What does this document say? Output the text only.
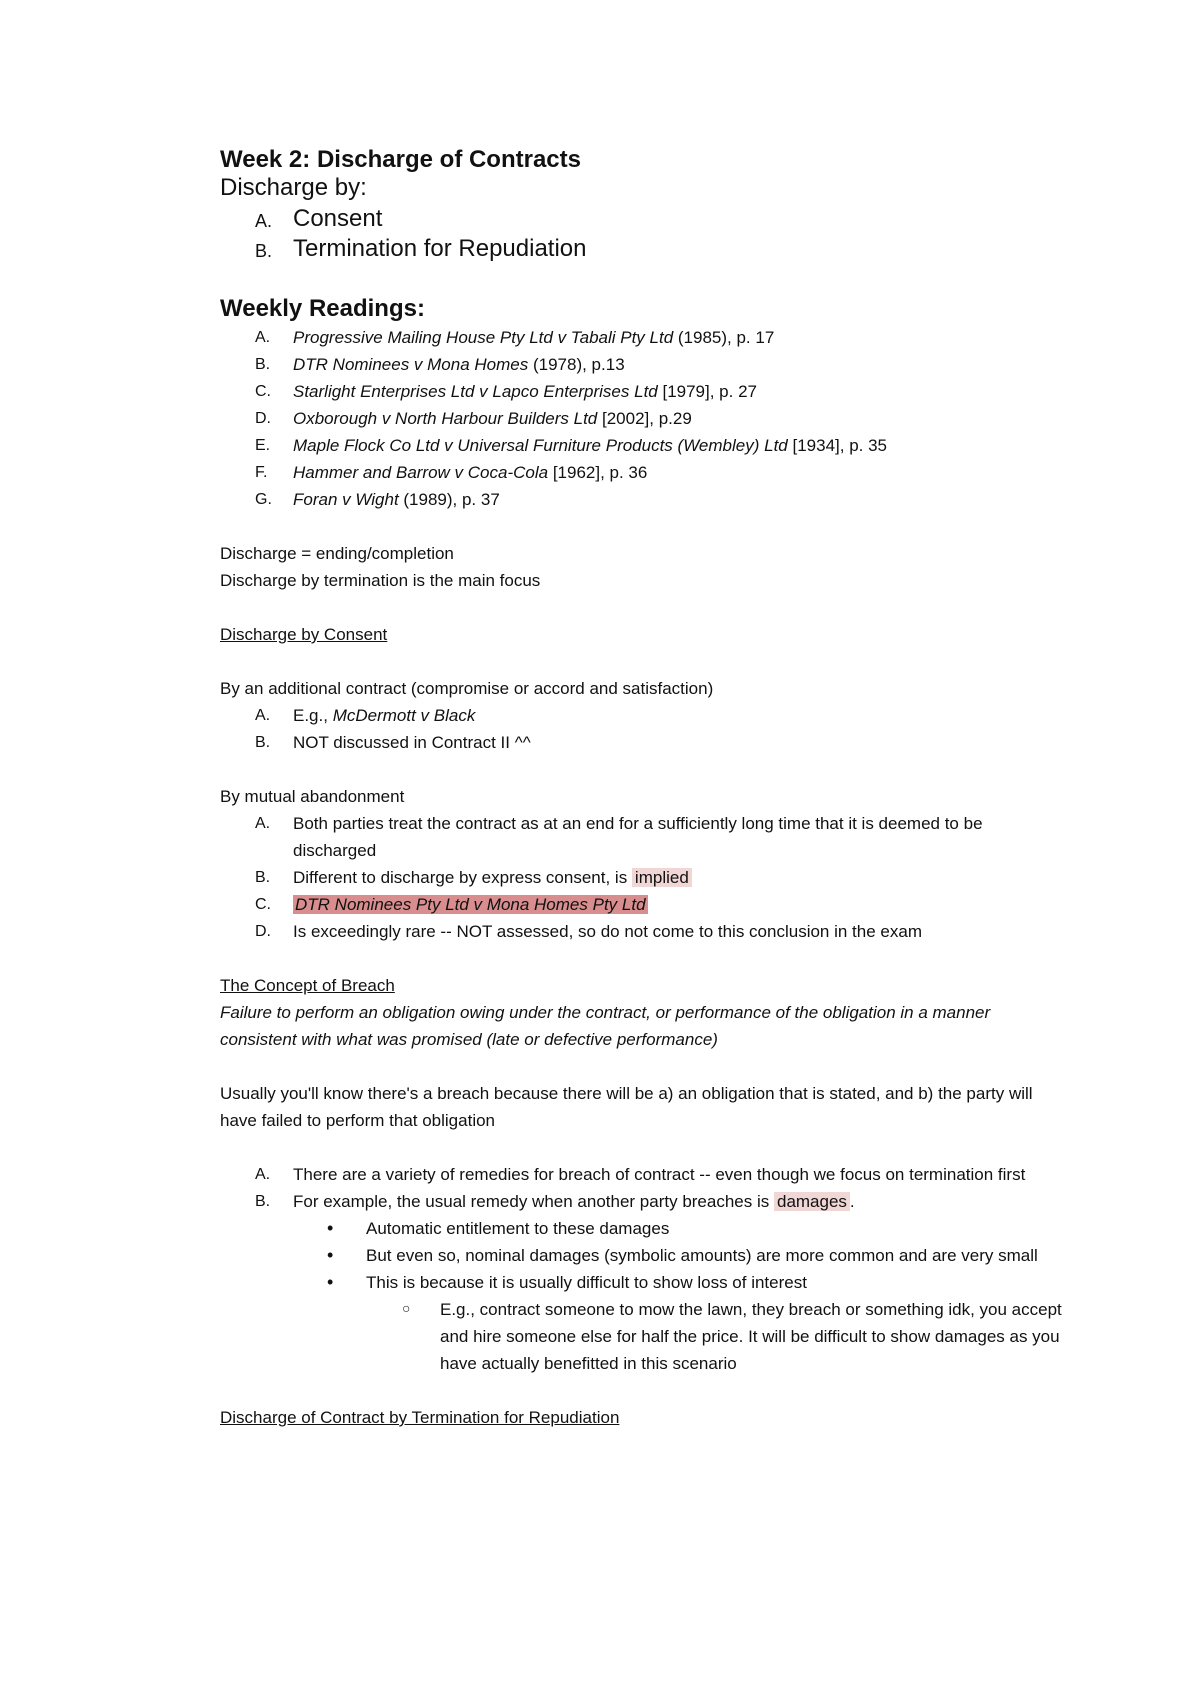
Week 2: Discharge of Contracts
Discharge by:
A. Consent
B. Termination for Repudiation
Weekly Readings:
A. Progressive Mailing House Pty Ltd v Tabali Pty Ltd (1985), p. 17
B. DTR Nominees v Mona Homes (1978), p.13
C. Starlight Enterprises Ltd v Lapco Enterprises Ltd [1979], p. 27
D. Oxborough v North Harbour Builders Ltd [2002], p.29
E. Maple Flock Co Ltd v Universal Furniture Products (Wembley) Ltd [1934], p. 35
F. Hammer and Barrow v Coca-Cola [1962], p. 36
G. Foran v Wight (1989), p. 37

Discharge = ending/completion

Discharge by termination is the main focus

Discharge by Consent

By an additional contract (compromise or accord and satisfaction)

A. E.g., McDermott v Black
B. NOT discussed in Contract II ^^

By mutual abandonment

A. Both parties treat the contract as at an end for a sufficiently long time that it is deemed to be discharged
B. Different to discharge by express consent, is implied
C. DTR Nominees Pty Ltd v Mona Homes Pty Ltd
D. Is exceedingly rare -- NOT assessed, so do not come to this conclusion in the exam

The Concept of Breach

Failure to perform an obligation owing under the contract, or performance of the obligation in a manner consistent with what was promised (late or defective performance)

Usually you'll know there's a breach because there will be a) an obligation that is stated, and b) the party will have failed to perform that obligation

A. There are a variety of remedies for breach of contract -- even though we focus on termination first
B. For example, the usual remedy when another party breaches is damages .
• Automatic entitlement to these damages
• But even so, nominal damages (symbolic amounts) are more common and are very small
• This is because it is usually difficult to show loss of interest
○ E.g., contract someone to mow the lawn, they breach or something idk, you accept and hire someone else for half the price. It will be difficult to show damages as you have actually benefitted in this scenario

Discharge of Contract by Termination for Repudiation
